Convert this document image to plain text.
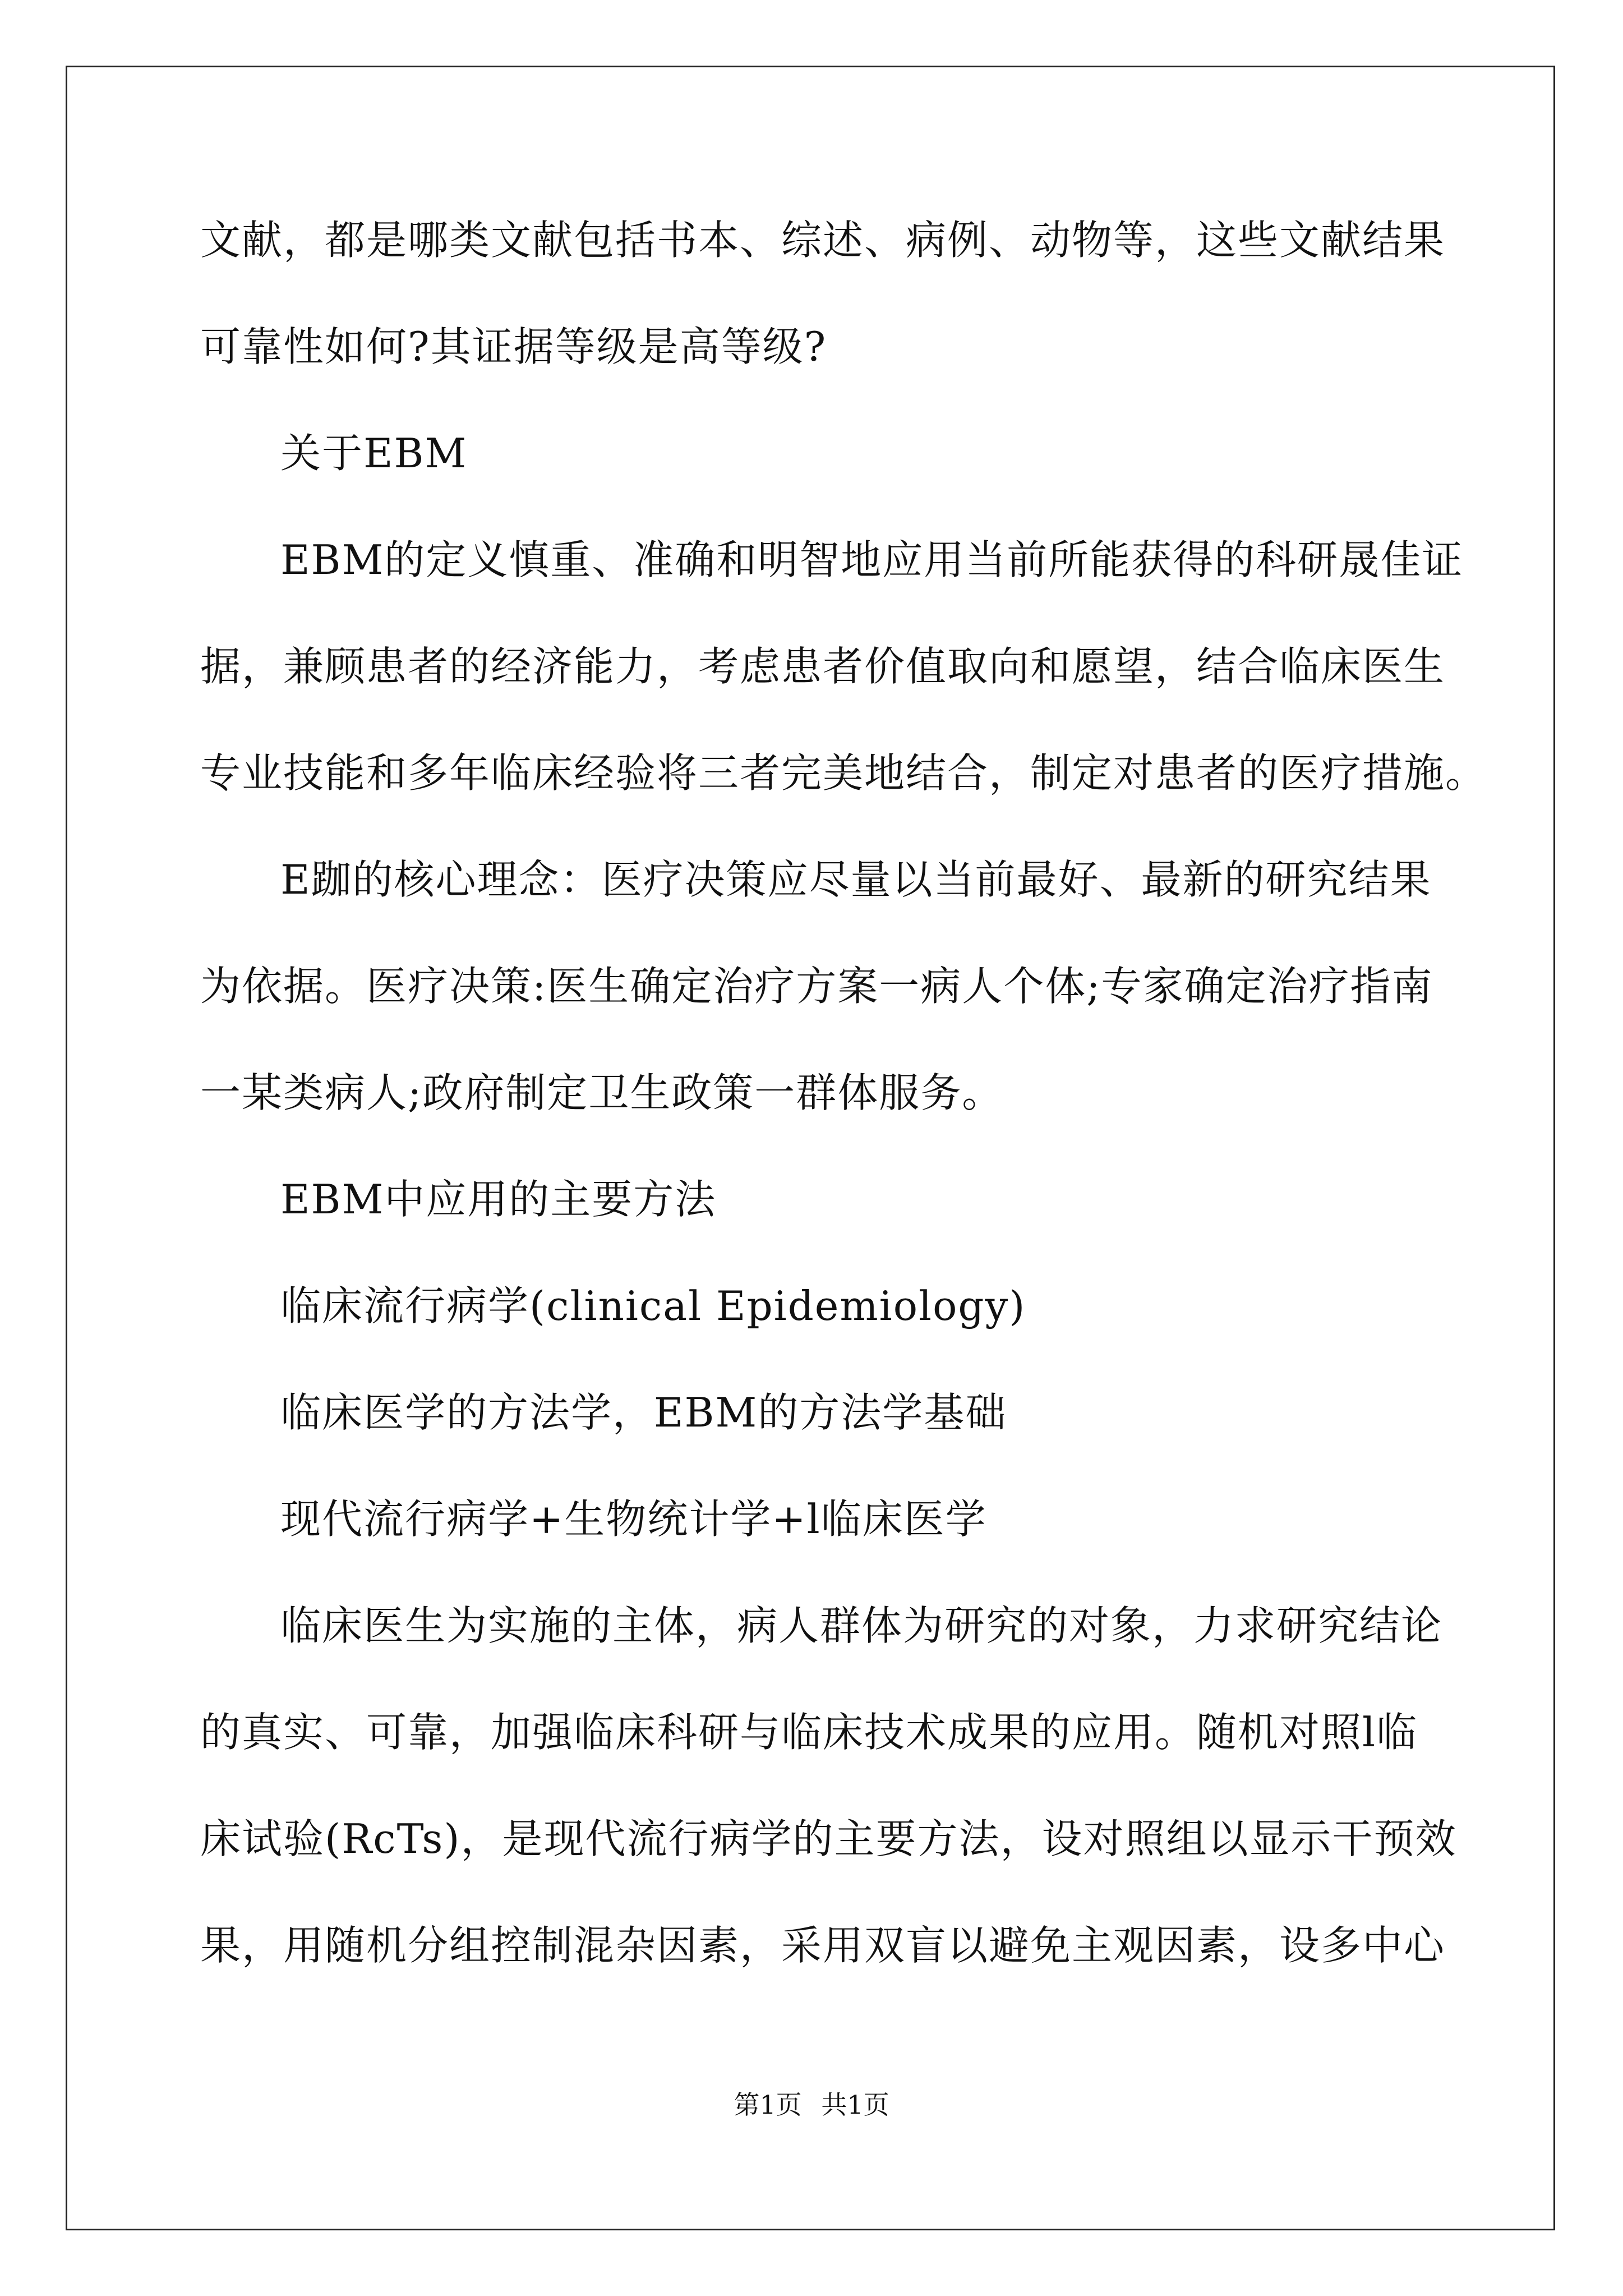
文献，都是哪类文献包括书本、综述、病例、动物等，这些文献结果

可靠性如何?其证据等级是高等级?

关于EBM

EBM的定义慎重、准确和明智地应用当前所能获得的科研晟佳证

据，兼顾患者的经济能力，考虑患者价值取向和愿望，结合临床医生

专业技能和多年临床经验将三者完美地结合，制定对患者的医疗措施。

E跏的核心理念：医疗决策应尽量以当前最好、最新的研究结果

为依据。医疗决策:医生确定治疗方案一病人个体;专家确定治疗指南

一某类病人;政府制定卫生政策一群体服务。

EBM中应用的主要方法

临床流行病学(clinical Epidemiology)

临床医学的方法学，EBM的方法学基础

现代流行病学+生物统计学+l临床医学

临床医生为实施的主体，病人群体为研究的对象，力求研究结论

的真实、可靠，加强临床科研与临床技术成果的应用。随机对照l临

床试验(RcTs)，是现代流行病学的主要方法，设对照组以显示干预效

果，用随机分组控制混杂因素，采用双盲以避免主观因素，设多中心

第1页 共1页
